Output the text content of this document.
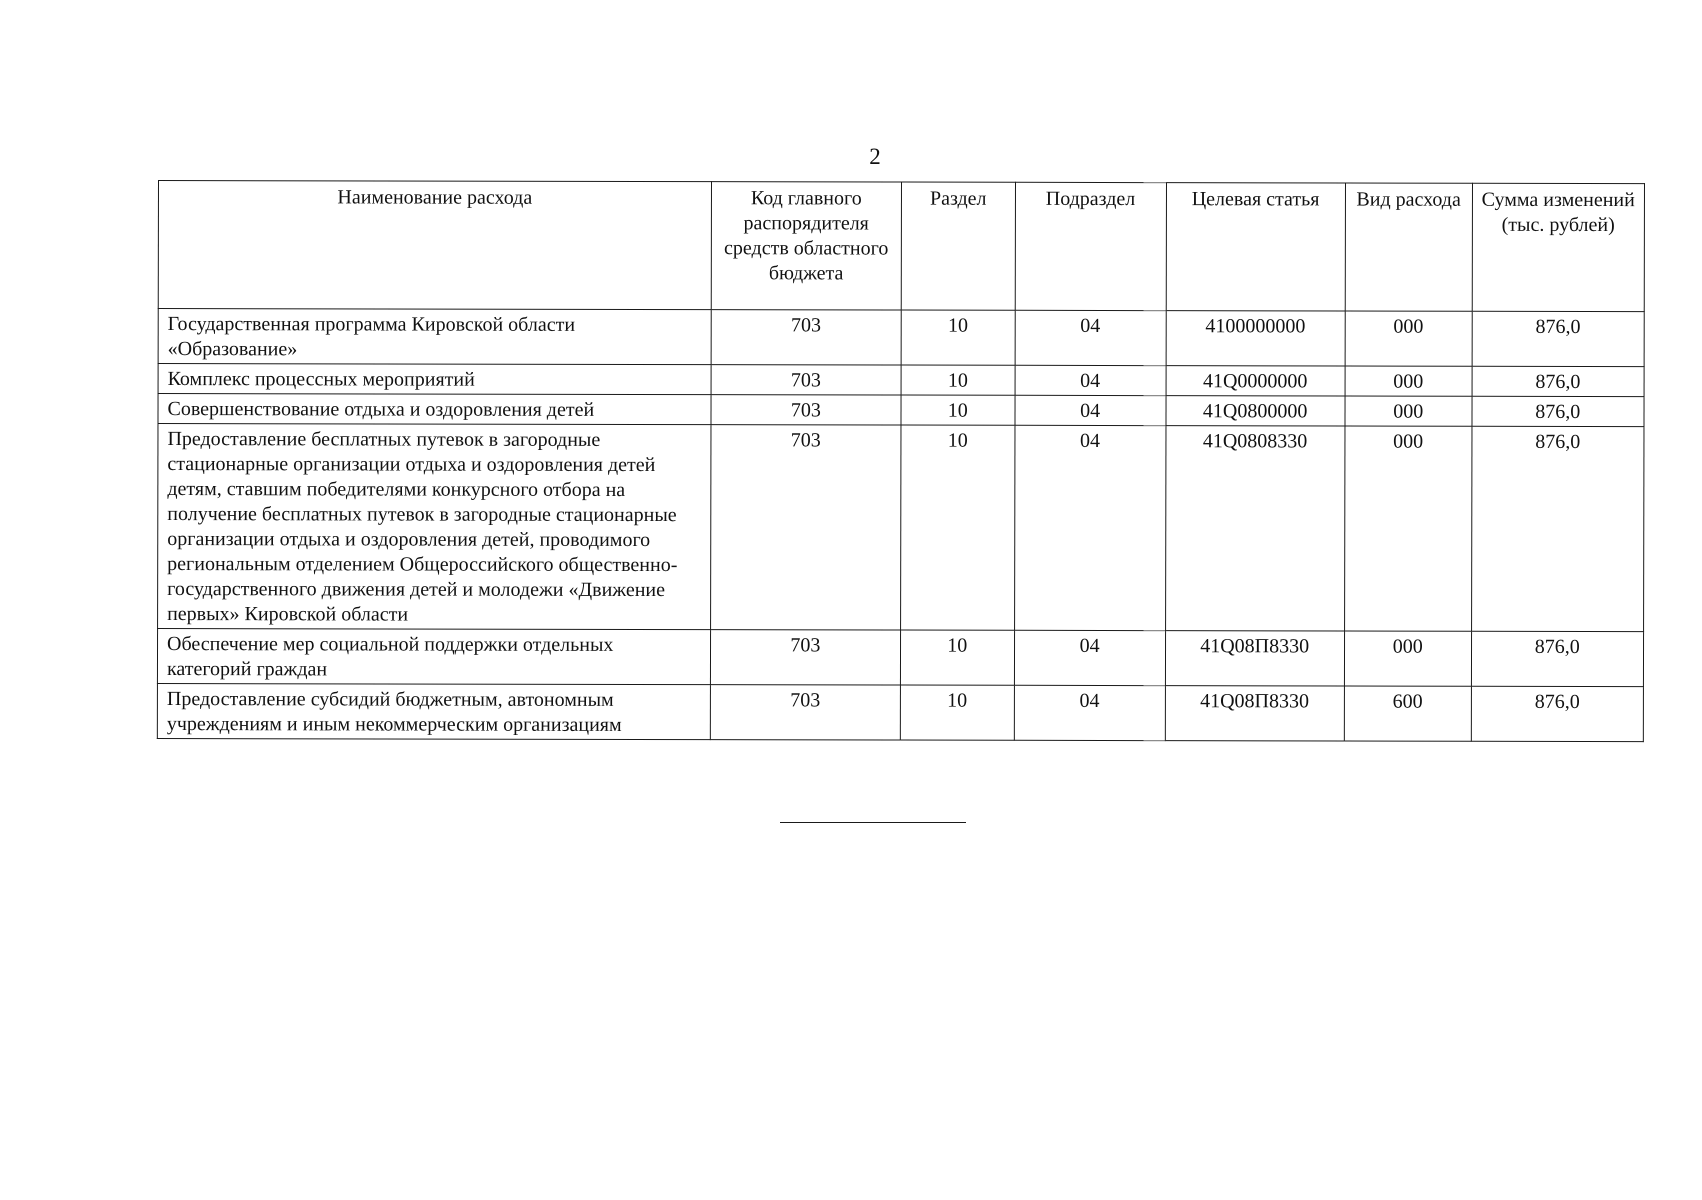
2
Наименование расхода	Код главного распорядителя средств областного бюджета	Раздел	Подраздел	Целевая статья	Вид расхода	Сумма изменений (тыс. рублей)
Государственная программа Кировской области «Образование»	703	10	04	4100000000	000	876,0
Комплекс процессных мероприятий	703	10	04	41Q0000000	000	876,0
Совершенствование отдыха и оздоровления детей	703	10	04	41Q0800000	000	876,0
Предоставление бесплатных путевок в загородные стационарные организации отдыха и оздоровления детей детям, ставшим победителями конкурсного отбора на получение бесплатных путевок в загородные стационарные организации отдыха и оздоровления детей, проводимого региональным отделением Общероссийского общественно-государственного движения детей и молодежи «Движение первых» Кировской области	703	10	04	41Q0808330	000	876,0
Обеспечение мер социальной поддержки отдельных категорий граждан	703	10	04	41Q08П8330	000	876,0
Предоставление субсидий бюджетным, автономным учреждениям и иным некоммерческим организациям	703	10	04	41Q08П8330	600	876,0
